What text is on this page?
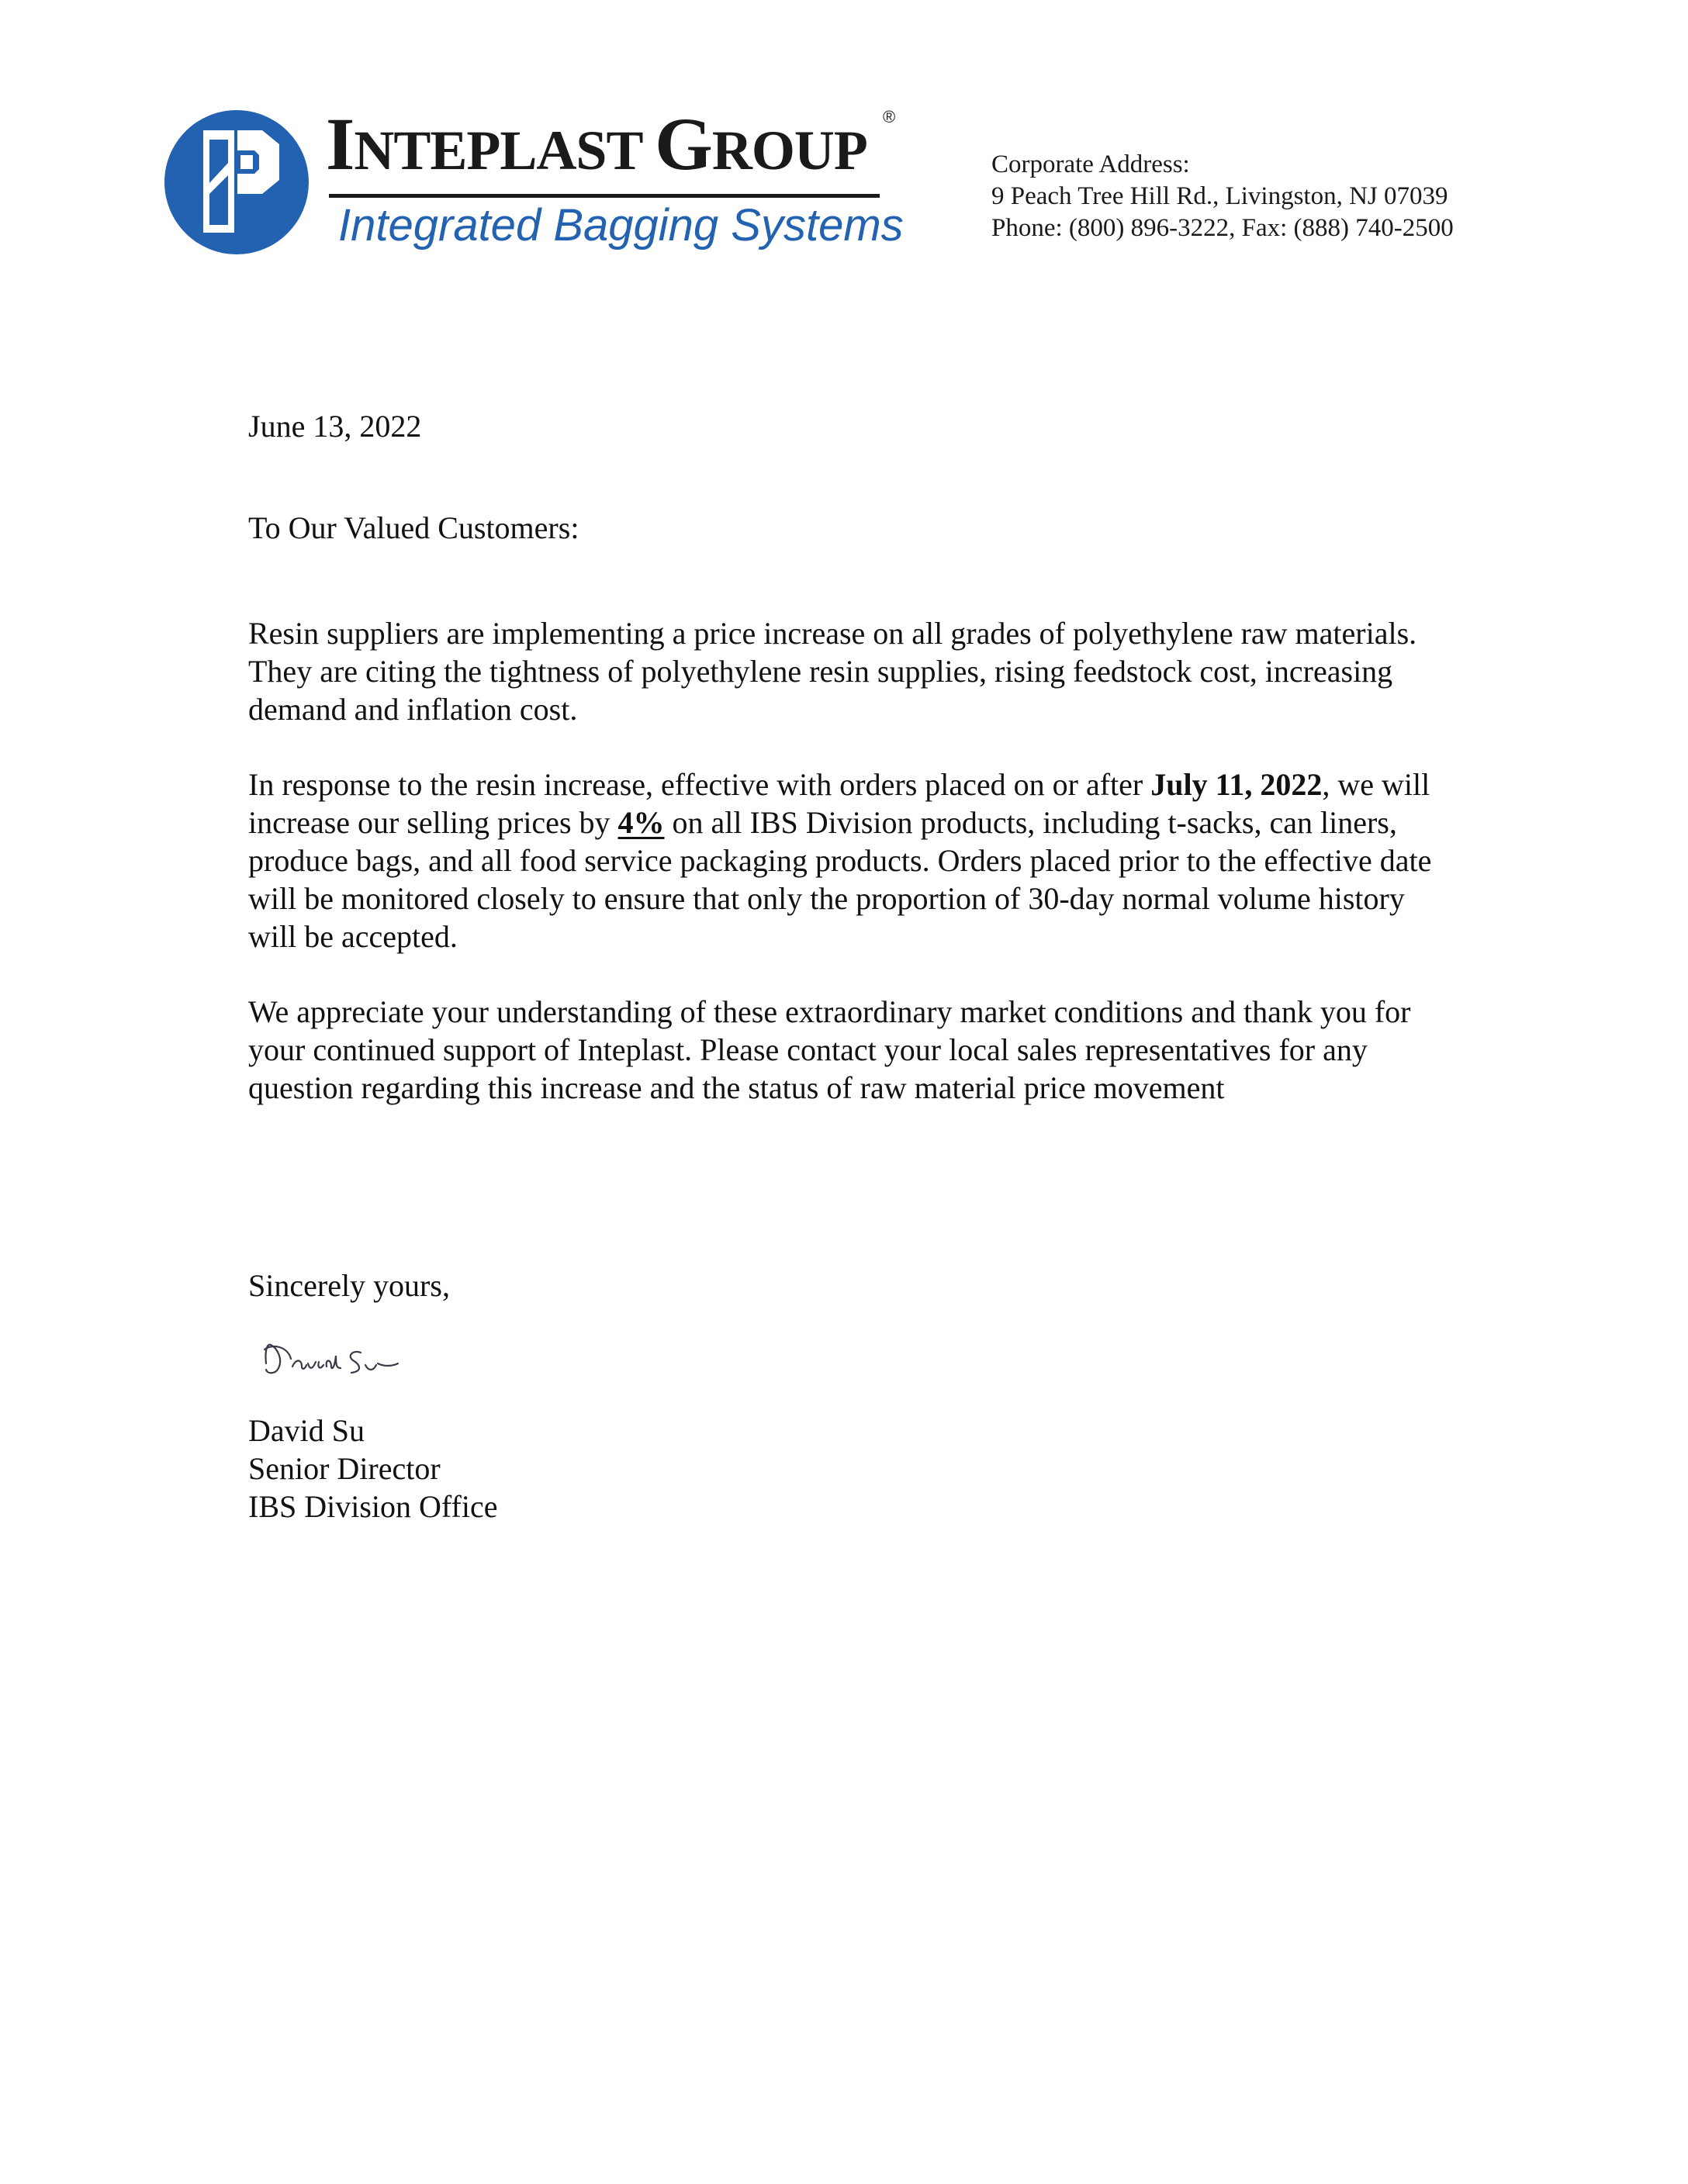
INTEPLAST GROUP
®
Integrated Bagging Systems
Corporate Address:
9 Peach Tree Hill Rd., Livingston, NJ 07039
Phone: (800) 896-3222, Fax: (888) 740-2500
June 13, 2022
To Our Valued Customers:

Resin suppliers are implementing a price increase on all grades of polyethylene raw materials. They are citing the tightness of polyethylene resin supplies, rising feedstock cost, increasing demand and inflation cost.

In response to the resin increase, effective with orders placed on or after July 11, 2022, we will increase our selling prices by 4% on all IBS Division products, including t-sacks, can liners, produce bags, and all food service packaging products. Orders placed prior to the effective date will be monitored closely to ensure that only the proportion of 30-day normal volume history will be accepted.

We appreciate your understanding of these extraordinary market conditions and thank you for your continued support of Inteplast. Please contact your local sales representatives for any question regarding this increase and the status of raw material price movement

Sincerely yours,
David Su
Senior Director
IBS Division Office
